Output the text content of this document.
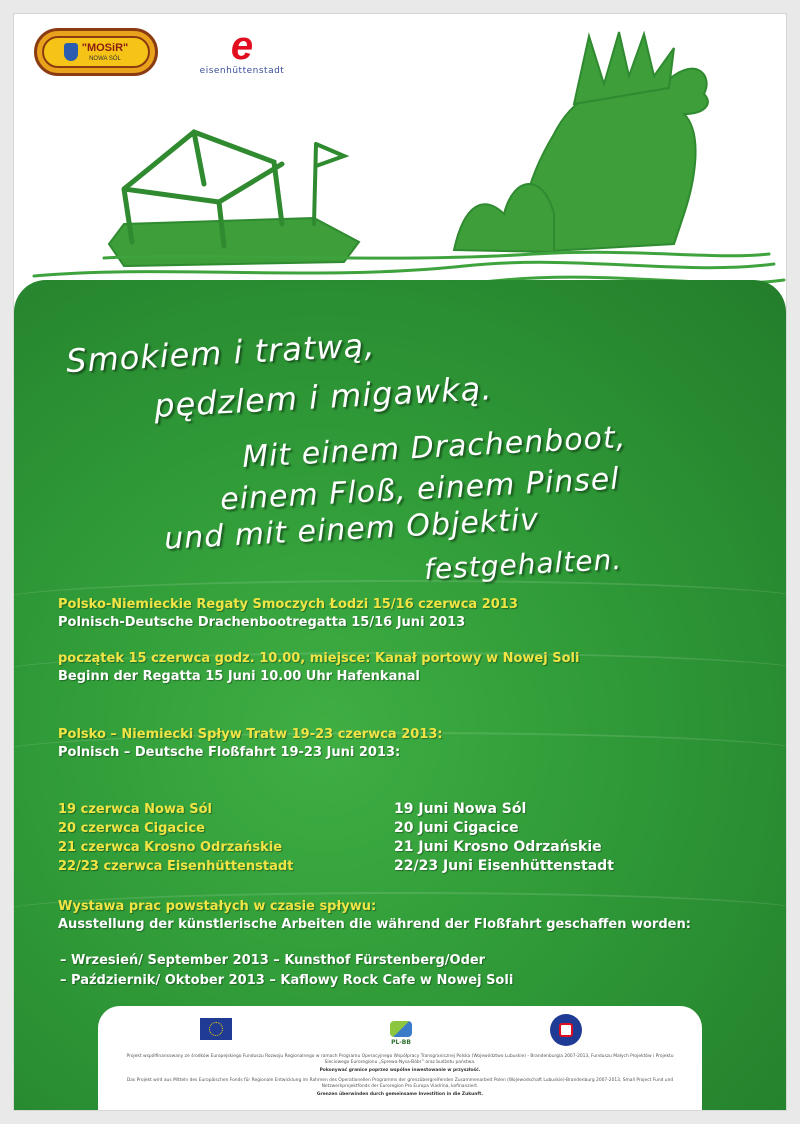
"MOSiR"
NOWA SÓL	e
eisenhüttenstadt
Smokiem i tratwą,
pędzlem i migawką.
Mit einem Drachenboot,
einem Floß, einem Pinsel
und mit einem Objektiv
festgehalten.
Polsko-Niemieckie Regaty Smoczych Łodzi 15/16 czerwca 2013
Polnisch-Deutsche Drachenbootregatta 15/16 Juni 2013
początek 15 czerwca godz. 10.00, miejsce: Kanał portowy w Nowej Soli
Beginn der Regatta 15 Juni 10.00 Uhr Hafenkanal
Polsko – Niemiecki Spływ Tratw 19-23 czerwca 2013:
Polnisch – Deutsche Floßfahrt 19-23 Juni 2013:
19 czerwca Nowa Sól
20 czerwca Cigacice
21 czerwca Krosno Odrzańskie
22/23 czerwca Eisenhüttenstadt
19 Juni Nowa Sól
20 Juni Cigacice
21 Juni Krosno Odrzańskie
22/23 Juni Eisenhüttenstadt
Wystawa prac powstałych w czasie spływu:
Ausstellung der künstlerische Arbeiten die während der Floßfahrt geschaffen worden:
– Wrzesień/ September 2013 – Kunsthof Fürstenberg/Oder
– Październik/ Oktober 2013 – Kaflowy Rock Cafe w Nowej Soli
PL-BB
Projekt współfinansowany ze środków Europejskiego Funduszu Rozwoju Regionalnego w ramach Programu Operacyjnego Współpracy Transgranicznej Polska (Województwo Lubuskie) - Brandenburgia 2007-2013, Funduszu Małych Projektów i Projektu Sieciowego Euroregionu „Sprewa-Nysa-Bóbr” oraz budżetu państwa.
Pokonywać granice poprzez wspólne inwestowanie w przyszłość.
Das Projekt wird aus Mitteln des Europäischen Fonds für Regionale Entwicklung im Rahmen des Operationellen Programms der grenzübergreifenden Zusammenarbeit Polen (Wojewodschaft Lubuskie)-Brandenburg 2007-2013, Small Project Fund und Netzwerkprojektfonds der Euroregion Pro Europa Viadrina, kofinanziert.
Grenzen überwinden durch gemeinsame Investition in die Zukunft.
